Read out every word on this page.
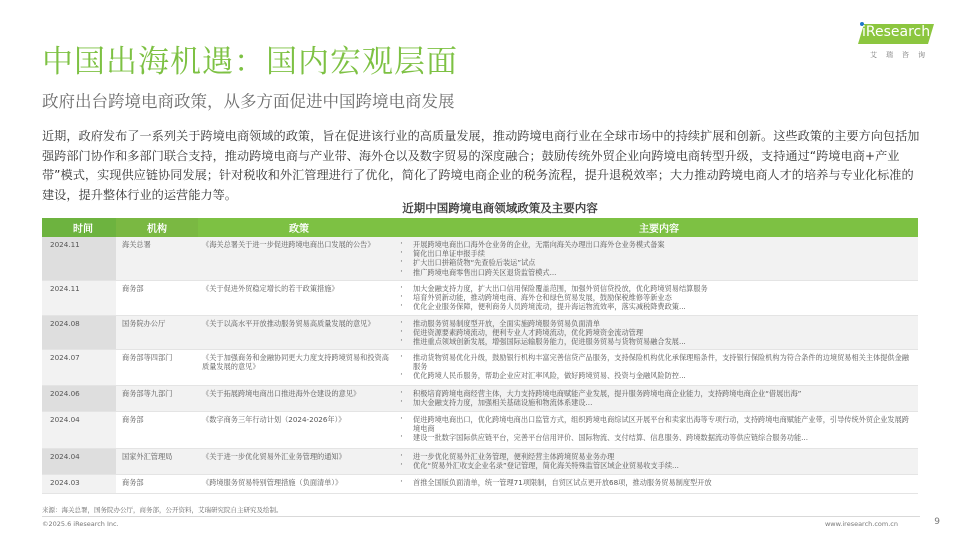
中国出海机遇：国内宏观层面
政府出台跨境电商政策，从多方面促进中国跨境电商发展
iResearch
艾瑞咨询
近期，政府发布了一系列关于跨境电商领域的政策，旨在促进该行业的高质量发展，推动跨境电商行业在全球市场中的持续扩展和创新。这些政策的主要方向包括加强跨部门协作和多部门联合支持，推动跨境电商与产业带、海外仓以及数字贸易的深度融合；鼓励传统外贸企业向跨境电商转型升级，支持通过“跨境电商+产业带”模式，实现供应链协同发展；针对税收和外汇管理进行了优化，简化了跨境电商企业的税务流程，提升退税效率；大力推动跨境电商人才的培养与专业化标准的建设，提升整体行业的运营能力等。
近期中国跨境电商领域政策及主要内容
时间	机构	政策	主要内容
2024.11	海关总署	《海关总署关于进一步促进跨境电商出口发展的公告》	· 开展跨境电商出口海外仓业务的企业，无需向海关办理出口海外仓业务模式备案
· 简化出口单证申报手续
· 扩大出口拼箱货物“先查验后装运”试点
· 推广跨境电商零售出口跨关区退货监管模式...
2024.11	商务部	《关于促进外贸稳定增长的若干政策措施》	· 加大金融支持力度，扩大出口信用保险覆盖范围，加强外贸信贷投放，优化跨境贸易结算服务
· 培育外贸新动能，推动跨境电商、海外仓和绿色贸易发展，鼓励保税维修等新业态
· 优化企业服务保障，便利商务人员跨境流动，提升海运物流效率，落实减税降费政策...
2024.08	国务院办公厅	《关于以高水平开放推动服务贸易高质量发展的意见》	· 推动服务贸易制度型开放，全面实施跨境服务贸易负面清单
· 促进资源要素跨境流动，便利专业人才跨境流动，优化跨境资金流动管理
· 推进重点领域创新发展，增强国际运输服务能力，促进服务贸易与货物贸易融合发展...
2024.07	商务部等四部门	《关于加强商务和金融协同更大力度支持跨境贸易和投资高质量发展的意见》
· 推动货物贸易优化升级，鼓励银行机构丰富完善信贷产品服务，支持保险机构优化承保理赔条件，支持银行保险机构为符合条件的边境贸易相关主体提供金融服务
· 优化跨境人民币服务，帮助企业应对汇率风险，做好跨境贸易、投资与金融风险防控...
2024.06	商务部等九部门	《关于拓展跨境电商出口推进海外仓建设的意见》	· 积极培育跨境电商经营主体，大力支持跨境电商赋能产业发展，提升服务跨境电商企业能力，支持跨境电商企业“借展出海”
· 加大金融支持力度，加强相关基础设施和物流体系建设...
2024.04	商务部	《数字商务三年行动计划（2024-2026年）》	· 促进跨境电商出口，优化跨境电商出口监管方式，组织跨境电商综试区开展平台和卖家出海等专项行动，支持跨境电商赋能产业带，引导传统外贸企业发展跨境电商
· 建设一批数字国际供应链平台，完善平台信用评价、国际物流、支付结算、信息服务、跨境数据流动等供应链综合服务功能...
2024.04	国家外汇管理局	《关于进一步优化贸易外汇业务管理的通知》	· 进一步优化贸易外汇业务管理，便利经营主体跨境贸易业务办理
· 优化“贸易外汇收支企业名录”登记管理，简化海关特殊监管区域企业贸易收支手续...
2024.03	商务部	《跨境服务贸易特别管理措施（负面清单）》	· 首推全国版负面清单，统一管理71项限制，自贸区试点更开放68项，推动服务贸易制度型开放
来源：海关总署，国务院办公厅，商务部，公开资料，艾瑞研究院自主研究及绘制。
©2025.6 iResearch Inc.	www.iresearch.com.cn	9
